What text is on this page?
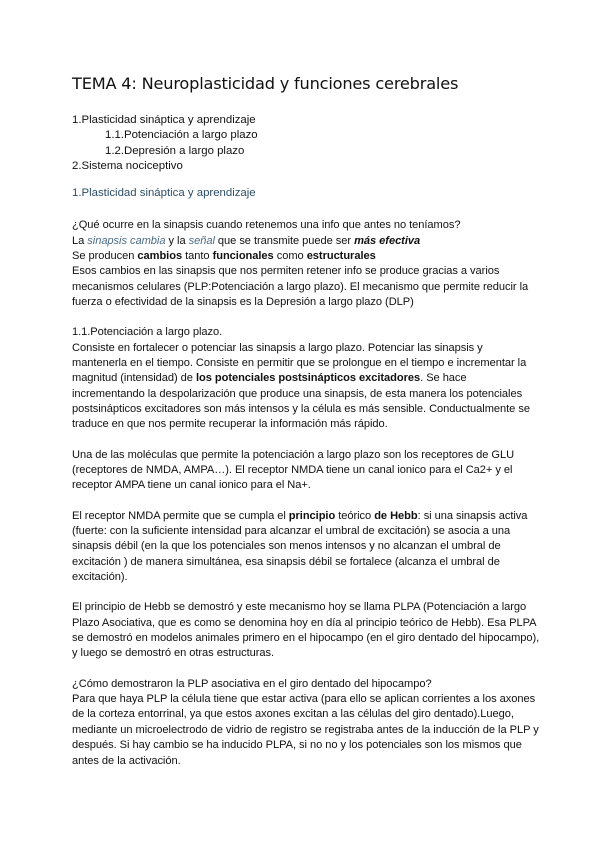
TEMA 4: Neuroplasticidad y funciones cerebrales
1.Plasticidad sináptica y aprendizaje
1.1.Potenciación a largo plazo
1.2.Depresión a largo plazo
2.Sistema nociceptivo
1.Plasticidad sináptica y aprendizaje

¿Qué ocurre en la sinapsis cuando retenemos una info que antes no teníamos?
La sinapsis cambia y la señal que se transmite puede ser más efectiva
Se producen cambios tanto funcionales como estructurales
Esos cambios en las sinapsis que nos permiten retener info se produce gracias a varios mecanismos celulares (PLP:Potenciación a largo plazo). El mecanismo que permite reducir la fuerza o efectividad de la sinapsis es la Depresión a largo plazo (DLP)

1.1.Potenciación a largo plazo.
Consiste en fortalecer o potenciar las sinapsis a largo plazo. Potenciar las sinapsis y mantenerla en el tiempo. Consiste en permitir que se prolongue en el tiempo e incrementar la magnitud (intensidad) de los potenciales postsinápticos excitadores. Se hace incrementando la despolarización que produce una sinapsis, de esta manera los potenciales postsinápticos excitadores son más intensos y la célula es más sensible. Conductualmente se traduce en que nos permite recuperar la información más rápido.

Una de las moléculas que permite la potenciación a largo plazo son los receptores de GLU (receptores de NMDA, AMPA…). El receptor NMDA tiene un canal ionico para el Ca2+ y el receptor AMPA tiene un canal ionico para el Na+.

El receptor NMDA permite que se cumpla el principio teórico de Hebb: si una sinapsis activa (fuerte: con la suficiente intensidad para alcanzar el umbral de excitación) se asocia a una sinapsis débil (en la que los potenciales son menos intensos y no alcanzan el umbral de excitación ) de manera simultánea, esa sinapsis débil se fortalece (alcanza el umbral de excitación).

El principio de Hebb se demostró y este mecanismo hoy se llama PLPA (Potenciación a largo Plazo Asociativa, que es como se denomina hoy en día al principio teórico de Hebb). Esa PLPA se demostró en modelos animales primero en el hipocampo (en el giro dentado del hipocampo), y luego se demostró en otras estructuras.

¿Cómo demostraron la PLP asociativa en el giro dentado del hipocampo?
Para que haya PLP la célula tiene que estar activa (para ello se aplican corrientes a los axones de la corteza entorrinal, ya que estos axones excitan a las células del giro dentado).Luego, mediante un microelectrodo de vidrio de registro se registraba antes de la inducción de la PLP y después. Si hay cambio se ha inducido PLPA, si no no y los potenciales son los mismos que antes de la activación.
